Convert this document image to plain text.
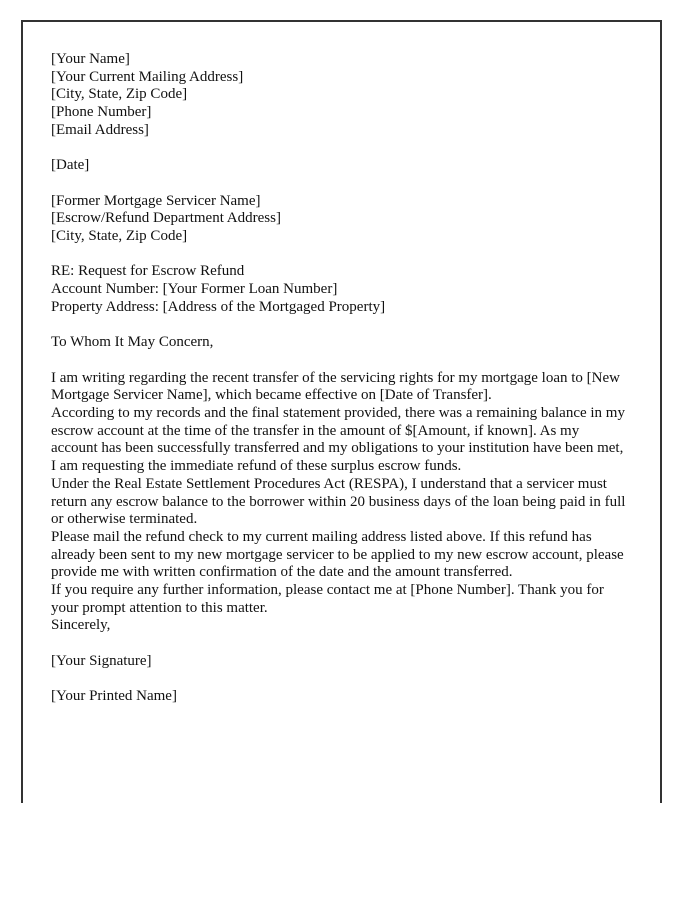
[Your Name]
[Your Current Mailing Address]
[City, State, Zip Code]
[Phone Number]
[Email Address]
[Date]
[Former Mortgage Servicer Name]
[Escrow/Refund Department Address]
[City, State, Zip Code]
RE: Request for Escrow Refund
Account Number: [Your Former Loan Number]
Property Address: [Address of the Mortgaged Property]
To Whom It May Concern,

I am writing regarding the recent transfer of the servicing rights for my mortgage loan to [New Mortgage Servicer Name], which became effective on [Date of Transfer].

According to my records and the final statement provided, there was a remaining balance in my escrow account at the time of the transfer in the amount of $[Amount, if known]. As my account has been successfully transferred and my obligations to your institution have been met, I am requesting the immediate refund of these surplus escrow funds.

Under the Real Estate Settlement Procedures Act (RESPA), I understand that a servicer must return any escrow balance to the borrower within 20 business days of the loan being paid in full or otherwise terminated.

Please mail the refund check to my current mailing address listed above. If this refund has already been sent to my new mortgage servicer to be applied to my new escrow account, please provide me with written confirmation of the date and the amount transferred.

If you require any further information, please contact me at [Phone Number]. Thank you for your prompt attention to this matter.

Sincerely,
[Your Signature]
[Your Printed Name]
